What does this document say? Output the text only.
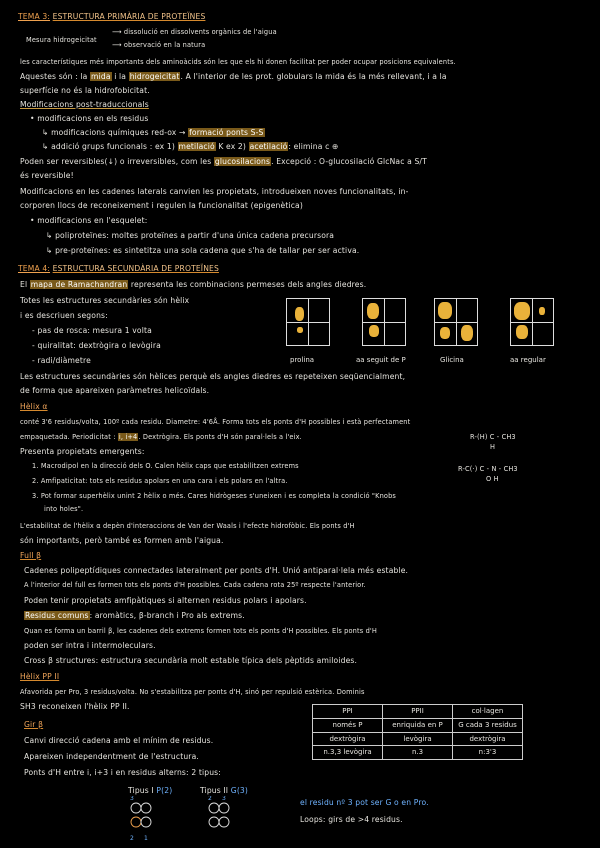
TEMA 3: ESTRUCTURA PRIMÀRIA DE PROTEÏNES
Mesura hidrogeicitat
⟶ dissolució en dissolvents orgànics de l'aigua
⟶ observació en la natura
les característiques més importants dels aminoàcids són les que els hi donen facilitat per poder ocupar posicions equivalents.
Aquestes són : la mida i la hidrogeicitat. A l'interior de les prot. globulars la mida és la més rellevant, i a la
superfície no és la hidrofobicitat.
Modificacions post-traduccionals
• modificacions en els residus
↳ modificacions químiques red-ox → formació ponts S-S
↳ addició grups funcionals : ex 1) metilació K ex 2) acetilació: elimina c ⊕
Poden ser reversibles(↓) o irreversibles, com les glucosilacions. Excepció : O-glucosilació GlcNac a S/T
és reversible!
Modificacions en les cadenes laterals canvien les propietats, introdueixen noves funcionalitats, in-
corporen llocs de reconeixement i regulen la funcionalitat (epigenètica)
• modificacions en l'esquelet:
↳ poliproteïnes: moltes proteïnes a partir d'una única cadena precursora
↳ pre-proteïnes: es sintetitza una sola cadena que s'ha de tallar per ser activa.
TEMA 4: ESTRUCTURA SECUNDÀRIA DE PROTEÏNES
El mapa de Ramachandran representa les combinacions permeses dels angles diedres.
Totes les estructures secundàries són hèlix
i es descriuen segons:
- pas de rosca: mesura 1 volta
- quiralitat: dextrògira o levògira
- radi/diàmetre	prolina	aa seguit de P	Glicina	aa regular
Les estructures secundàries són hèlices perquè els angles diedres es repeteixen seqüencialment,
de forma que apareixen paràmetres helicoïdals.
Hèlix α
conté 3'6 residus/volta, 100º cada residu. Diametre: 4'6Å. Forma tots els ponts d'H possibles i està perfectament
empaquetada. Periodicitat : i, i+4. Dextrògira. Els ponts d'H són paral·lels a l'eix.
Presenta propietats emergents:
1. Macrodipol en la direcció dels O. Calen hèlix caps que estabilitzen extrems
2. Amfipaticitat: tots els residus apolars en una cara i els polars en l'altra.
3. Pot formar superhèlix unint 2 hèlix o més. Cares hidrògeses s'uneixen i es completa la condició "Knobs
into holes".
R-(H) C - CH3
H
R-C(·) C - N - CH3
O H
L'estabilitat de l'hèlix α depèn d'interaccions de Van der Waals i l'efecte hidrofòbic. Els ponts d'H
són importants, però també es formen amb l'aigua.
Full β
Cadenes polipeptídiques connectades lateralment per ponts d'H. Unió antiparal·lela més estable.
A l'interior del full es formen tots els ponts d'H possibles. Cada cadena rota 25º respecte l'anterior.
Poden tenir propietats amfipàtiques si alternen residus polars i apolars.
Residus comuns: aromàtics, β-branch i Pro als extrems.
Quan es forma un barril β, les cadenes dels extrems formen tots els ponts d'H possibles. Els ponts d'H
poden ser intra i intermoleculars.
Cross β structures: estructura secundària molt estable típica dels pèptids amiloides.
Hèlix PP II
Afavorida per Pro, 3 residus/volta. No s'estabilitza per ponts d'H, sinó per repulsió estèrica. Dominis
SH3 reconeixen l'hèlix PP II.	PPI	PPII	col·lagen
només P	enriquida en P	G cada 3 residus
dextrògira	levògira	dextrògira
n.3,3 levògira	n.3	n:3'3
Gir β
Canvi direcció cadena amb el mínim de residus.
Apareixen independentment de l'estructura.
Ponts d'H entre i, i+3 i en residus alterns: 2 tipus:
Tipus I P(2)	Tipus II G(3)
3
2 1
2 3	el residu nº 3 pot ser G o en Pro.
Loops: girs de >4 residus.
